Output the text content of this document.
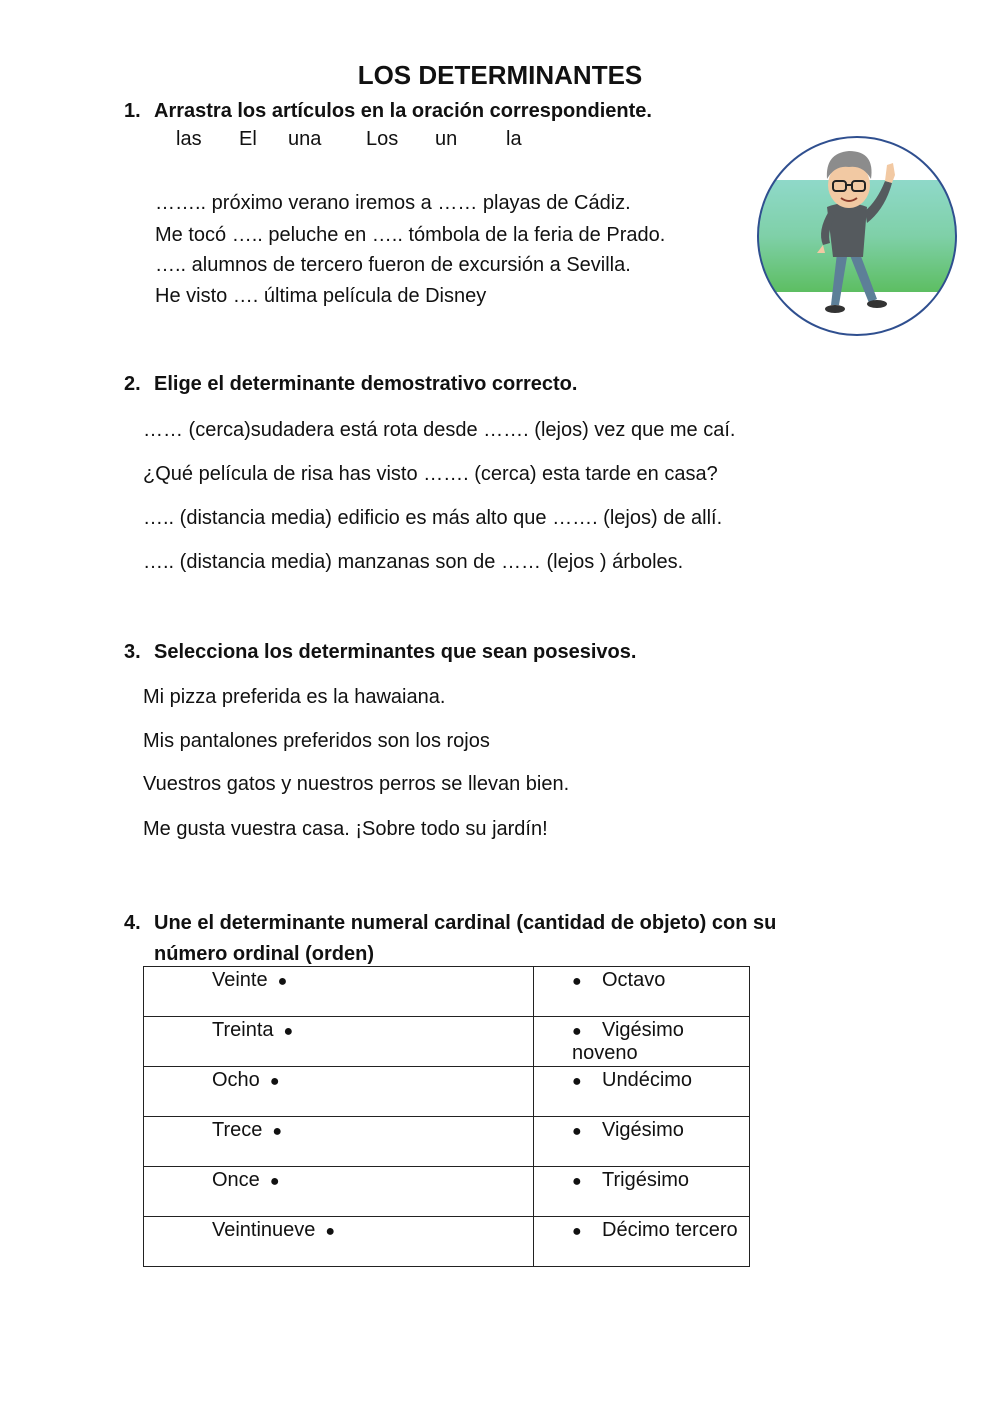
LOS DETERMINANTES
1. Arrastra los artículos en la oración correspondiente.
las	El	una	Los	un	la
…….. próximo verano iremos a …… playas de Cádiz.
Me tocó ….. peluche en ….. tómbola de la feria de Prado.
….. alumnos de tercero fueron de excursión a Sevilla.
He visto …. última película de Disney
2. Elige el determinante demostrativo correcto.
…… (cerca)sudadera está rota desde ……. (lejos) vez que me caí.
¿Qué película de risa has visto ……. (cerca) esta tarde en casa?
….. (distancia media) edificio es más alto que ……. (lejos) de allí.
….. (distancia media) manzanas son de …… (lejos ) árboles.
3. Selecciona los determinantes que sean posesivos.
Mi pizza preferida es la hawaiana.
Mis pantalones preferidos son los rojos
Vuestros gatos y nuestros perros se llevan bien.
Me gusta vuestra casa. ¡Sobre todo su jardín!
4. Une el determinante numeral cardinal (cantidad de objeto) con su
número ordinal (orden)
Veinte ●	● Octavo
Treinta ●	● Vigésimo noveno
Ocho ●	● Undécimo
Trece ●	● Vigésimo
Once ●	● Trigésimo
Veintinueve ●	● Décimo tercero
